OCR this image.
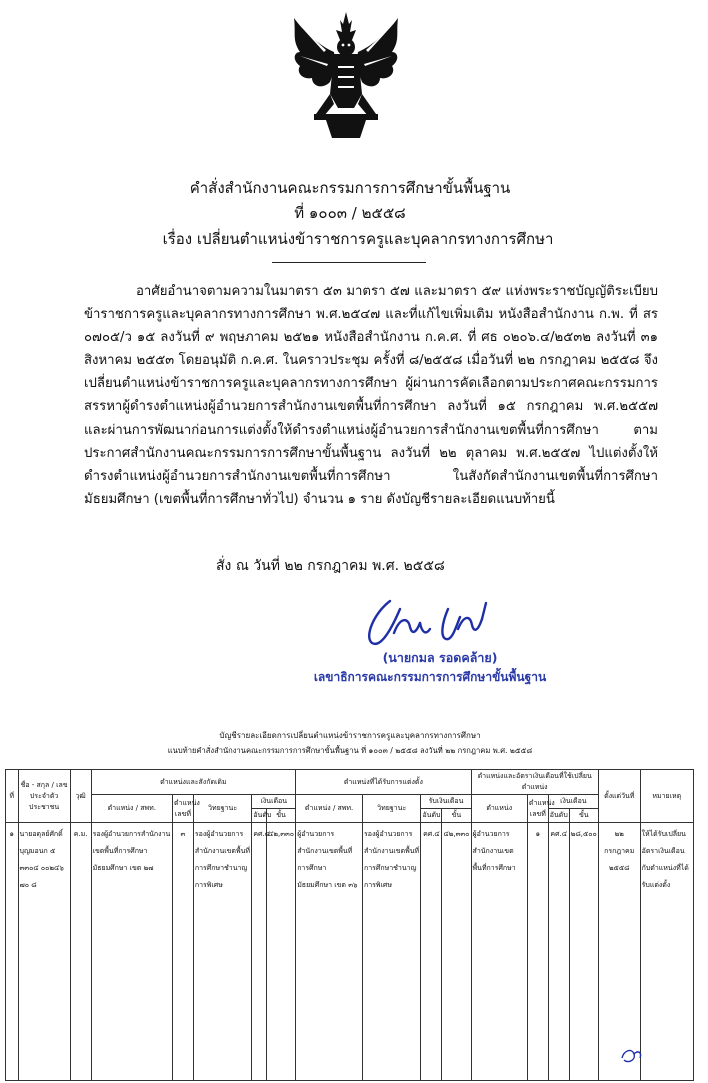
คำสั่งสำนักงานคณะกรรมการการศึกษาขั้นพื้นฐาน
ที่ ๑๐๐๓ / ๒๕๕๘
เรื่อง เปลี่ยนตำแหน่งข้าราชการครูและบุคลากรทางการศึกษา
อาศัยอำนาจตามความในมาตรา ๕๓ มาตรา ๕๗ และมาตรา ๕๙ แห่งพระราชบัญญัติระเบียบข้าราชการครูและบุคลากรทางการศึกษา พ.ศ.๒๕๔๗ และที่แก้ไขเพิ่มเติม หนังสือสำนักงาน ก.พ. ที่ สร ๐๗๐๕/ว ๑๕ ลงวันที่ ๙ พฤษภาคม ๒๕๒๑ หนังสือสำนักงาน ก.ค.ศ. ที่ ศธ ๐๒๐๖.๔/๒๕๓๒ ลงวันที่ ๓๑ สิงหาคม ๒๕๕๓ โดยอนุมัติ ก.ค.ศ. ในคราวประชุม ครั้งที่ ๘/๒๕๕๘ เมื่อวันที่ ๒๒ กรกฎาคม ๒๕๕๘ จึงเปลี่ยนตำแหน่งข้าราชการครูและบุคลากรทางการศึกษา ผู้ผ่านการคัดเลือกตามประกาศคณะกรรมการสรรหาผู้ดำรงตำแหน่งผู้อำนวยการสำนักงานเขตพื้นที่การศึกษา ลงวันที่ ๑๕ กรกฎาคม พ.ศ.๒๕๕๗ และผ่านการพัฒนาก่อนการแต่งตั้งให้ดำรงตำแหน่งผู้อำนวยการสำนักงานเขตพื้นที่การศึกษา ตามประกาศสำนักงานคณะกรรมการการศึกษาขั้นพื้นฐาน ลงวันที่ ๒๒ ตุลาคม พ.ศ.๒๕๕๗ ไปแต่งตั้งให้ดำรงตำแหน่งผู้อำนวยการสำนักงานเขตพื้นที่การศึกษา ในสังกัดสำนักงานเขตพื้นที่การศึกษามัธยมศึกษา (เขตพื้นที่การศึกษาทั่วไป) จำนวน ๑ ราย ดังบัญชีรายละเอียดแนบท้ายนี้
สั่ง ณ วันที่ ๒๒ กรกฎาคม พ.ศ. ๒๕๕๘
(นายกมล รอดคล้าย)
เลขาธิการคณะกรรมการการศึกษาขั้นพื้นฐาน
บัญชีรายละเอียดการเปลี่ยนตำแหน่งข้าราชการครูและบุคลากรทางการศึกษา
แนบท้ายคำสั่งสำนักงานคณะกรรมการการศึกษาขั้นพื้นฐาน ที่ ๑๐๐๓ / ๒๕๕๘ ลงวันที่ ๒๒ กรกฎาคม พ.ศ. ๒๕๕๘
ที่	ชื่อ - สกุล / เลขประจำตัวประชาชน	วุฒิ	ตำแหน่งและสังกัดเดิม					ตำแหน่งที่ได้รับการแต่งตั้ง				ตำแหน่งและอัตราเงินเดือนที่ใช้เปลี่ยนตำแหน่ง				ตั้งแต่วันที่	หมายเหตุ
			ตำแหน่ง / สพท.	ตำแหน่งเลขที่	วิทยฐานะ	เงินเดือน		ตำแหน่ง / สพท.	วิทยฐานะ	รับเงินเดือน		ตำแหน่ง	ตำแหน่งเลขที่	เงินเดือน			
						อันดับ	ขั้น			อันดับ	ขั้น			อันดับ	ขั้น		
๑	นายอดุลย์ศักดิ์ บุญมอนก ๕ ๓๓๐๔ ๐๐๒๔๖ ๗๐ ๘	ค.ม.	รองผู้อำนวยการสำนักงานเขตพื้นที่การศึกษามัธยมศึกษา เขต ๒๗	๓	รองผู้อำนวยการสำนักงานเขตพื้นที่การศึกษาชำนาญการพิเศษ	คศ.๔	๔๒,๓๓๐	ผู้อำนวยการสำนักงานเขตพื้นที่การศึกษามัธยมศึกษา เขต ๓๖	รองผู้อำนวยการสำนักงานเขตพื้นที่การศึกษาชำนาญการพิเศษ	คศ.๔	๔๒,๓๓๐	ผู้อำนวยการสำนักงานเขตพื้นที่การศึกษา	๑	คศ.๔	๒๘,๕๐๐	๒๒ กรกฎาคม ๒๕๕๘	ให้ได้รับเปลี่ยนอัตราเงินเดือนกับตำแหน่งที่ได้รับแต่งตั้ง
